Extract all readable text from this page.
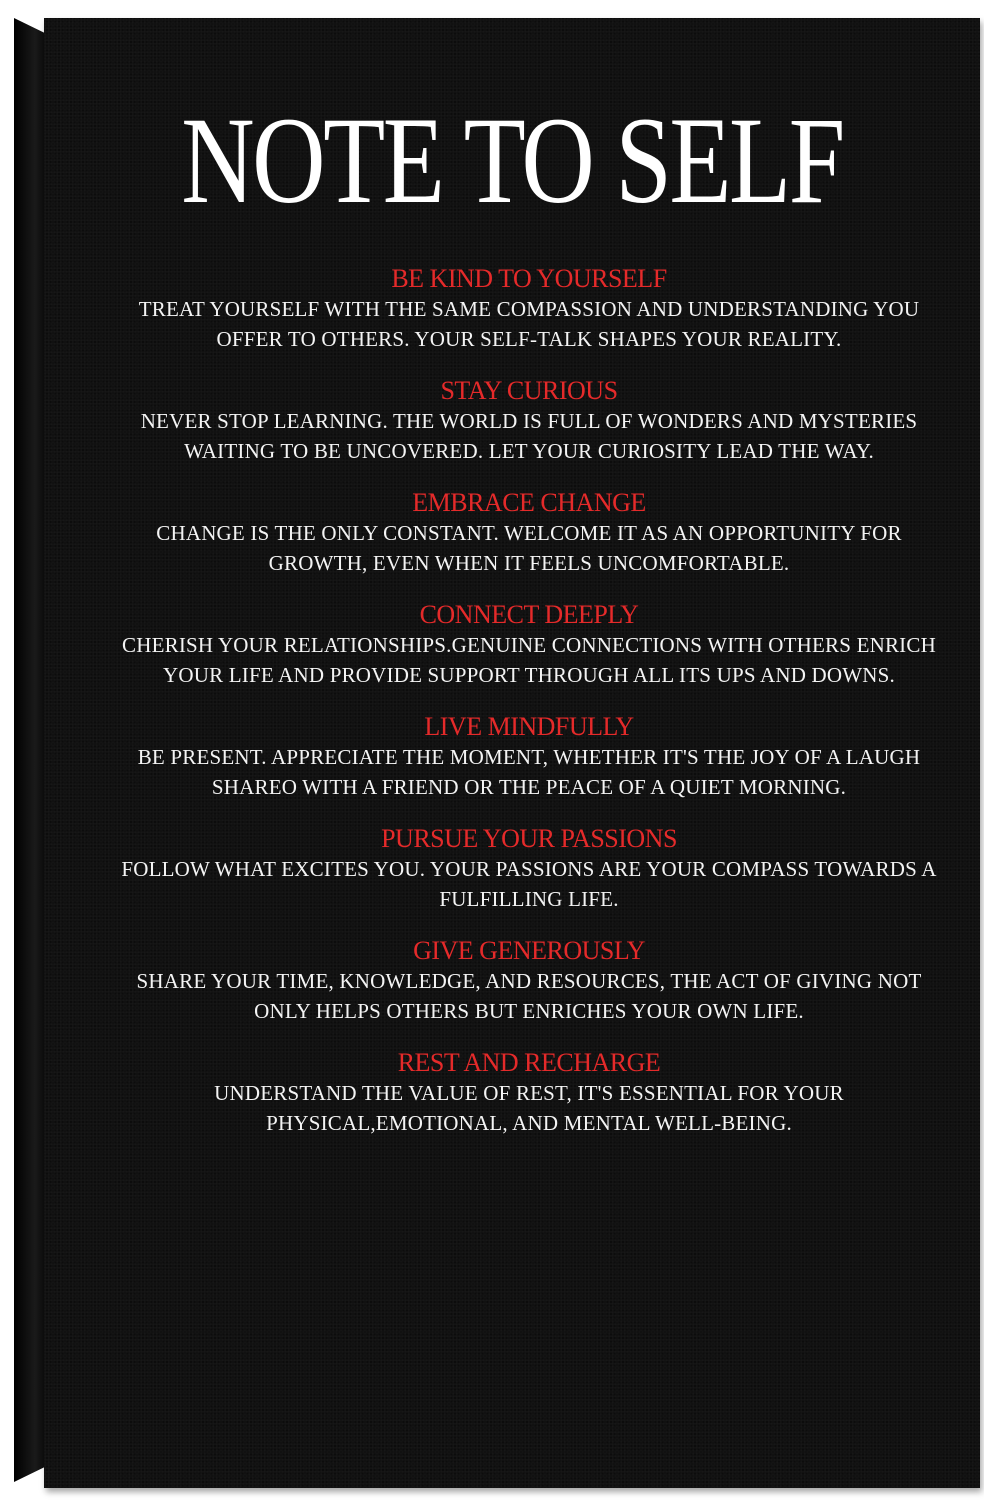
NOTE TO SELF

BE KIND TO YOURSELF

TREAT YOURSELF WITH THE SAME COMPASSION AND UNDERSTANDING YOU OFFER TO OTHERS. YOUR SELF-TALK SHAPES YOUR REALITY.

STAY CURIOUS

NEVER STOP LEARNING. THE WORLD IS FULL OF WONDERS AND MYSTERIES WAITING TO BE UNCOVERED. LET YOUR CURIOSITY LEAD THE WAY.

EMBRACE CHANGE

CHANGE IS THE ONLY CONSTANT. WELCOME IT AS AN OPPORTUNITY FOR GROWTH, EVEN WHEN IT FEELS UNCOMFORTABLE.

CONNECT DEEPLY

CHERISH YOUR RELATIONSHIPS.GENUINE CONNECTIONS WITH OTHERS ENRICH YOUR LIFE AND PROVIDE SUPPORT THROUGH ALL ITS UPS AND DOWNS.

LIVE MINDFULLY

BE PRESENT. APPRECIATE THE MOMENT, WHETHER IT'S THE JOY OF A LAUGH SHAREO WITH A FRIEND OR THE PEACE OF A QUIET MORNING.

PURSUE YOUR PASSIONS

FOLLOW WHAT EXCITES YOU. YOUR PASSIONS ARE YOUR COMPASS TOWARDS A FULFILLING LIFE.

GIVE GENEROUSLY

SHARE YOUR TIME, KNOWLEDGE, AND RESOURCES, THE ACT OF GIVING NOT ONLY HELPS OTHERS BUT ENRICHES YOUR OWN LIFE.

REST AND RECHARGE

UNDERSTAND THE VALUE OF REST, IT'S ESSENTIAL FOR YOUR PHYSICAL,EMOTIONAL, AND MENTAL WELL-BEING.
